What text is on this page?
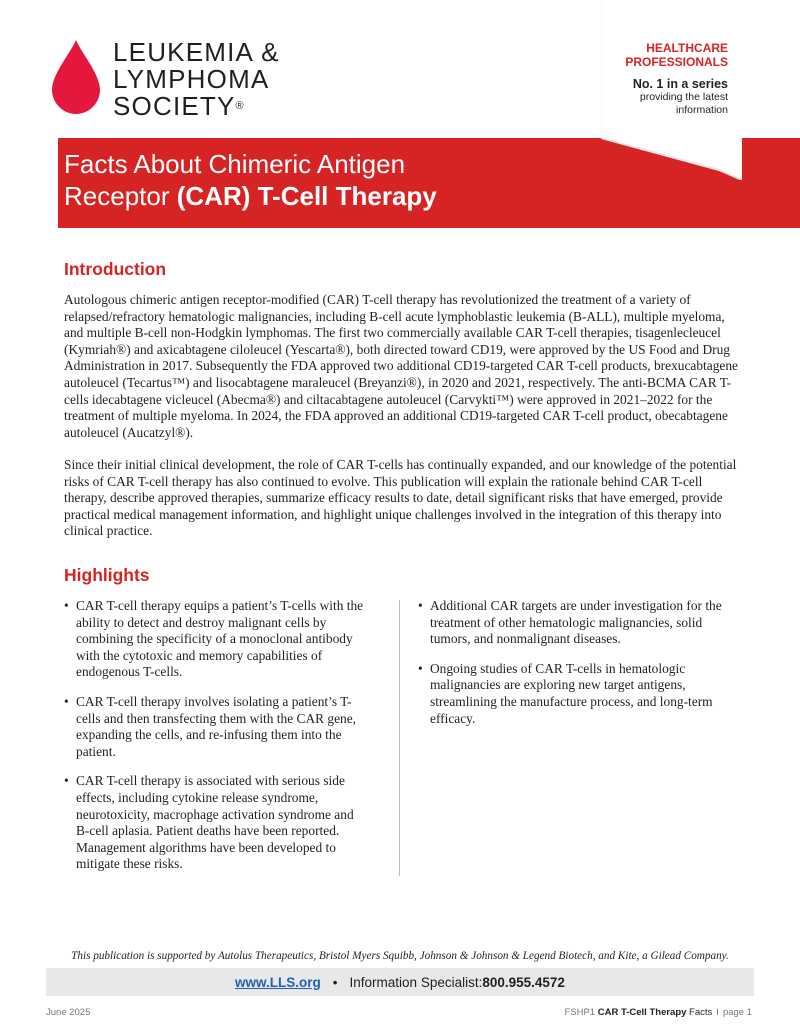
LEUKEMIA &
LYMPHOMA
SOCIETY®
Facts About Chimeric Antigen
Receptor (CAR) T-Cell Therapy
HEALTHCARE
PROFESSIONALS
No. 1 in a series
providing the latest
information
Introduction
Autologous chimeric antigen receptor-modified (CAR) T-cell therapy has revolutionized the treatment of a variety of relapsed/refractory hematologic malignancies, including B-cell acute lymphoblastic leukemia (B-ALL), multiple myeloma, and multiple B-cell non-Hodgkin lymphomas. The first two commercially available CAR T-cell therapies, tisagenlecleucel (Kymriah®) and axicabtagene ciloleucel (Yescarta®), both directed toward CD19, were approved by the US Food and Drug Administration in 2017. Subsequently the FDA approved two additional CD19-targeted CAR T-cell products, brexucabtagene autoleucel (Tecartus™) and lisocabtagene maraleucel (Breyanzi®), in 2020 and 2021, respectively. The anti-BCMA CAR T-cells idecabtagene vicleucel (Abecma®) and ciltacabtagene autoleucel (Carvykti™) were approved in 2021–2022 for the treatment of multiple myeloma. In 2024, the FDA approved an additional CD19-targeted CAR T-cell product, obecabtagene autoleucel (Aucatzyl®).
Since their initial clinical development, the role of CAR T-cells has continually expanded, and our knowledge of the potential risks of CAR T-cell therapy has also continued to evolve. This publication will explain the rationale behind CAR T-cell therapy, describe approved therapies, summarize efficacy results to date, detail significant risks that have emerged, provide practical medical management information, and highlight unique challenges involved in the integration of this therapy into clinical practice.
Highlights
• CAR T-cell therapy equips a patient’s T-cells with the ability to detect and destroy malignant cells by combining the specificity of a monoclonal antibody with the cytotoxic and memory capabilities of endogenous T-cells.
• CAR T-cell therapy involves isolating a patient’s T-cells and then transfecting them with the CAR gene, expanding the cells, and re-infusing them into the patient.
• CAR T-cell therapy is associated with serious side effects, including cytokine release syndrome, neurotoxicity, macrophage activation syndrome and B-cell aplasia. Patient deaths have been reported. Management algorithms have been developed to mitigate these risks.
• Additional CAR targets are under investigation for the treatment of other hematologic malignancies, solid tumors, and nonmalignant diseases.
• Ongoing studies of CAR T-cells in hematologic malignancies are exploring new target antigens, streamlining the manufacture process, and long-term efficacy.
This publication is supported by Autolus Therapeutics, Bristol Myers Squibb, Johnson & Johnson & Legend Biotech, and Kite, a Gilead Company.
www.LLS.org • Information Specialist: 800.955.4572
June 2025	FSHP1 CAR T-Cell Therapy Facts I page 1
